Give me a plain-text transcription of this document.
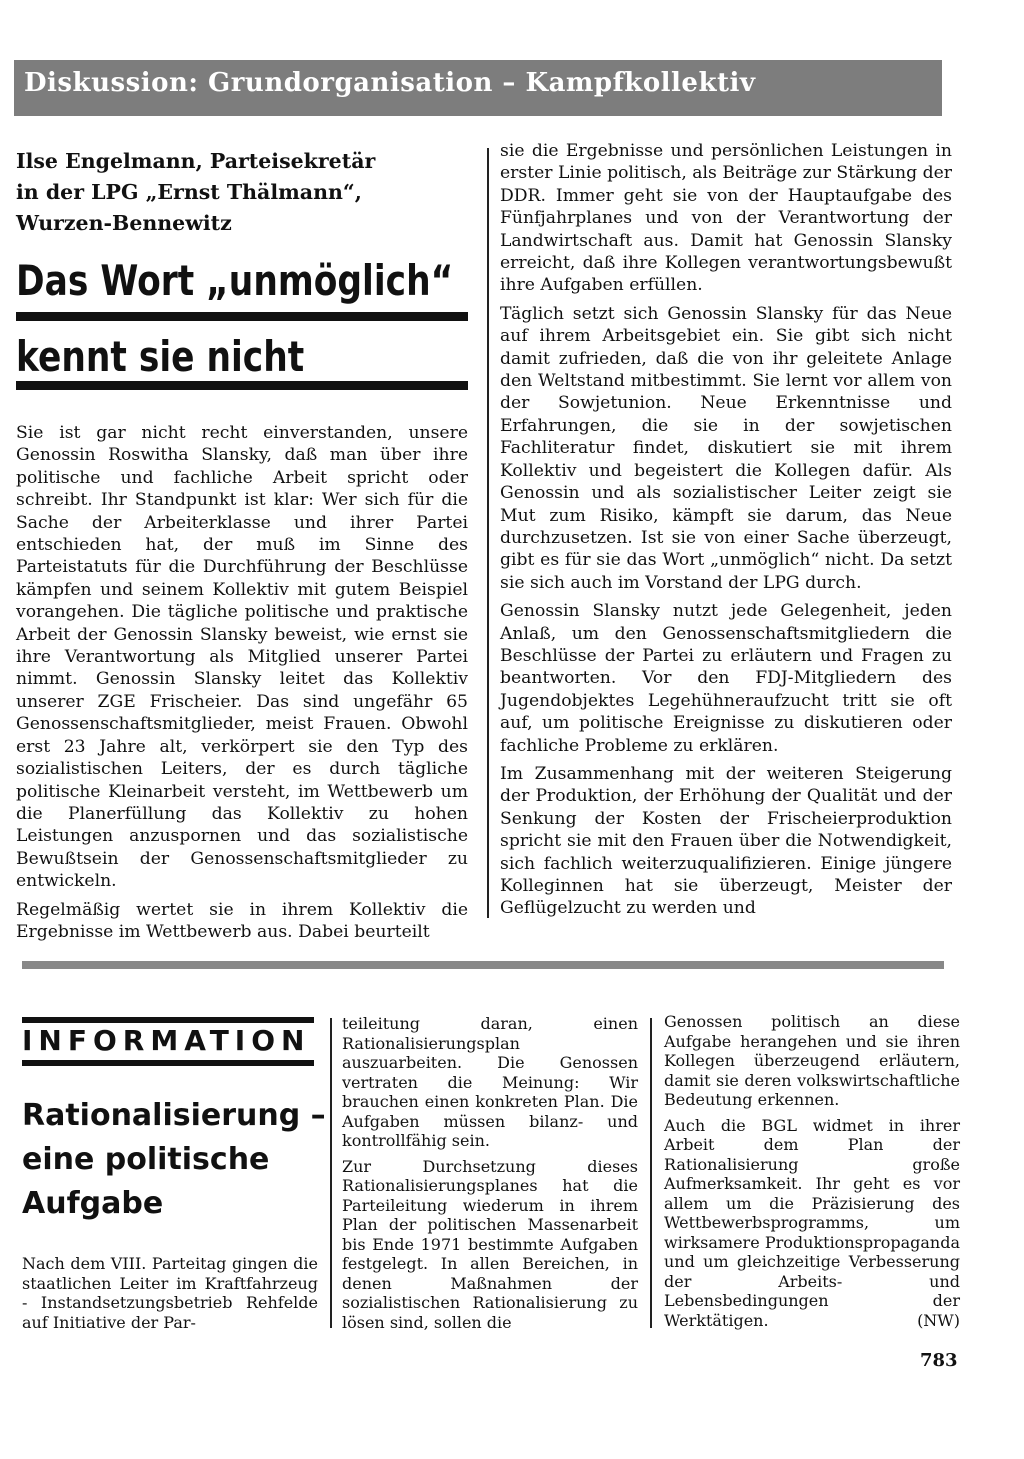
Diskussion: Grundorganisation – Kampfkollektiv
Ilse Engelmann, Parteisekretär
in der LPG „Ernst Thälmann“,
Wurzen-Bennewitz
Das Wort „unmöglich“
kennt sie nicht

Sie ist gar nicht recht einverstanden, unsere Genossin Roswitha Slansky, daß man über ihre politische und fachliche Arbeit spricht oder schreibt. Ihr Standpunkt ist klar: Wer sich für die Sache der Arbeiterklasse und ihrer Partei entschieden hat, der muß im Sinne des Parteistatuts für die Durchführung der Beschlüsse kämpfen und seinem Kollektiv mit gutem Beispiel vorangehen. Die tägliche politische und praktische Arbeit der Genossin Slansky beweist, wie ernst sie ihre Verantwortung als Mitglied unserer Partei nimmt. Genossin Slansky leitet das Kollektiv unserer ZGE Frischeier. Das sind ungefähr 65 Genossenschaftsmitglieder, meist Frauen. Obwohl erst 23 Jahre alt, verkörpert sie den Typ des sozialistischen Leiters, der es durch tägliche politische Kleinarbeit versteht, im Wettbewerb um die Planerfüllung das Kollektiv zu hohen Leistungen anzuspornen und das sozialistische Bewußtsein der Genossenschaftsmitglieder zu entwickeln.

Regelmäßig wertet sie in ihrem Kollektiv die Ergebnisse im Wettbewerb aus. Dabei beurteilt

sie die Ergebnisse und persönlichen Leistungen in erster Linie politisch, als Beiträge zur Stärkung der DDR. Immer geht sie von der Hauptaufgabe des Fünfjahrplanes und von der Verantwortung der Landwirtschaft aus. Damit hat Genossin Slansky erreicht, daß ihre Kollegen verantwortungsbewußt ihre Aufgaben erfüllen.

Täglich setzt sich Genossin Slansky für das Neue auf ihrem Arbeitsgebiet ein. Sie gibt sich nicht damit zufrieden, daß die von ihr geleitete Anlage den Weltstand mitbestimmt. Sie lernt vor allem von der Sowjetunion. Neue Erkenntnisse und Erfahrungen, die sie in der sowjetischen Fachliteratur findet, diskutiert sie mit ihrem Kollektiv und begeistert die Kollegen dafür. Als Genossin und als sozialistischer Leiter zeigt sie Mut zum Risiko, kämpft sie darum, das Neue durchzusetzen. Ist sie von einer Sache überzeugt, gibt es für sie das Wort „unmöglich“ nicht. Da setzt sie sich auch im Vorstand der LPG durch.

Genossin Slansky nutzt jede Gelegenheit, jeden Anlaß, um den Genossenschaftsmitgliedern die Beschlüsse der Partei zu erläutern und Fragen zu beantworten. Vor den FDJ-Mitgliedern des Jugendobjektes Legehühneraufzucht tritt sie oft auf, um politische Ereignisse zu diskutieren oder fachliche Probleme zu erklären.

Im Zusammenhang mit der weiteren Steigerung der Produktion, der Erhöhung der Qualität und der Senkung der Kosten der Frischeierproduktion spricht sie mit den Frauen über die Notwendigkeit, sich fachlich weiterzuqualifizieren. Einige jüngere Kolleginnen hat sie überzeugt, Meister der Geflügelzucht zu werden und

INFORMATION
Rationalisierung –
eine politische
Aufgabe

Nach dem VIII. Parteitag gingen die staatlichen Leiter im Kraftfahrzeug - Instandsetzungsbetrieb Rehfelde auf Initiative der Par-

teileitung daran, einen Rationalisierungsplan auszuarbeiten. Die Genossen vertraten die Meinung: Wir brauchen einen konkreten Plan. Die Aufgaben müssen bilanz- und kontrollfähig sein.

Zur Durchsetzung dieses Rationalisierungsplanes hat die Parteileitung wiederum in ihrem Plan der politischen Massenarbeit bis Ende 1971 bestimmte Aufgaben festgelegt. In allen Bereichen, in denen Maßnahmen der sozialistischen Rationalisierung zu lösen sind, sollen die

Genossen politisch an diese Aufgabe herangehen und sie ihren Kollegen überzeugend erläutern, damit sie deren volkswirtschaftliche Bedeutung erkennen.

Auch die BGL widmet in ihrer Arbeit dem Plan der Rationalisierung große Aufmerksamkeit. Ihr geht es vor allem um die Präzisierung des Wettbewerbsprogramms, um wirksamere Produktionspropaganda und um gleichzeitige Verbesserung der Arbeits- und Lebensbedingungen der Werktätigen.	(NW)

783
